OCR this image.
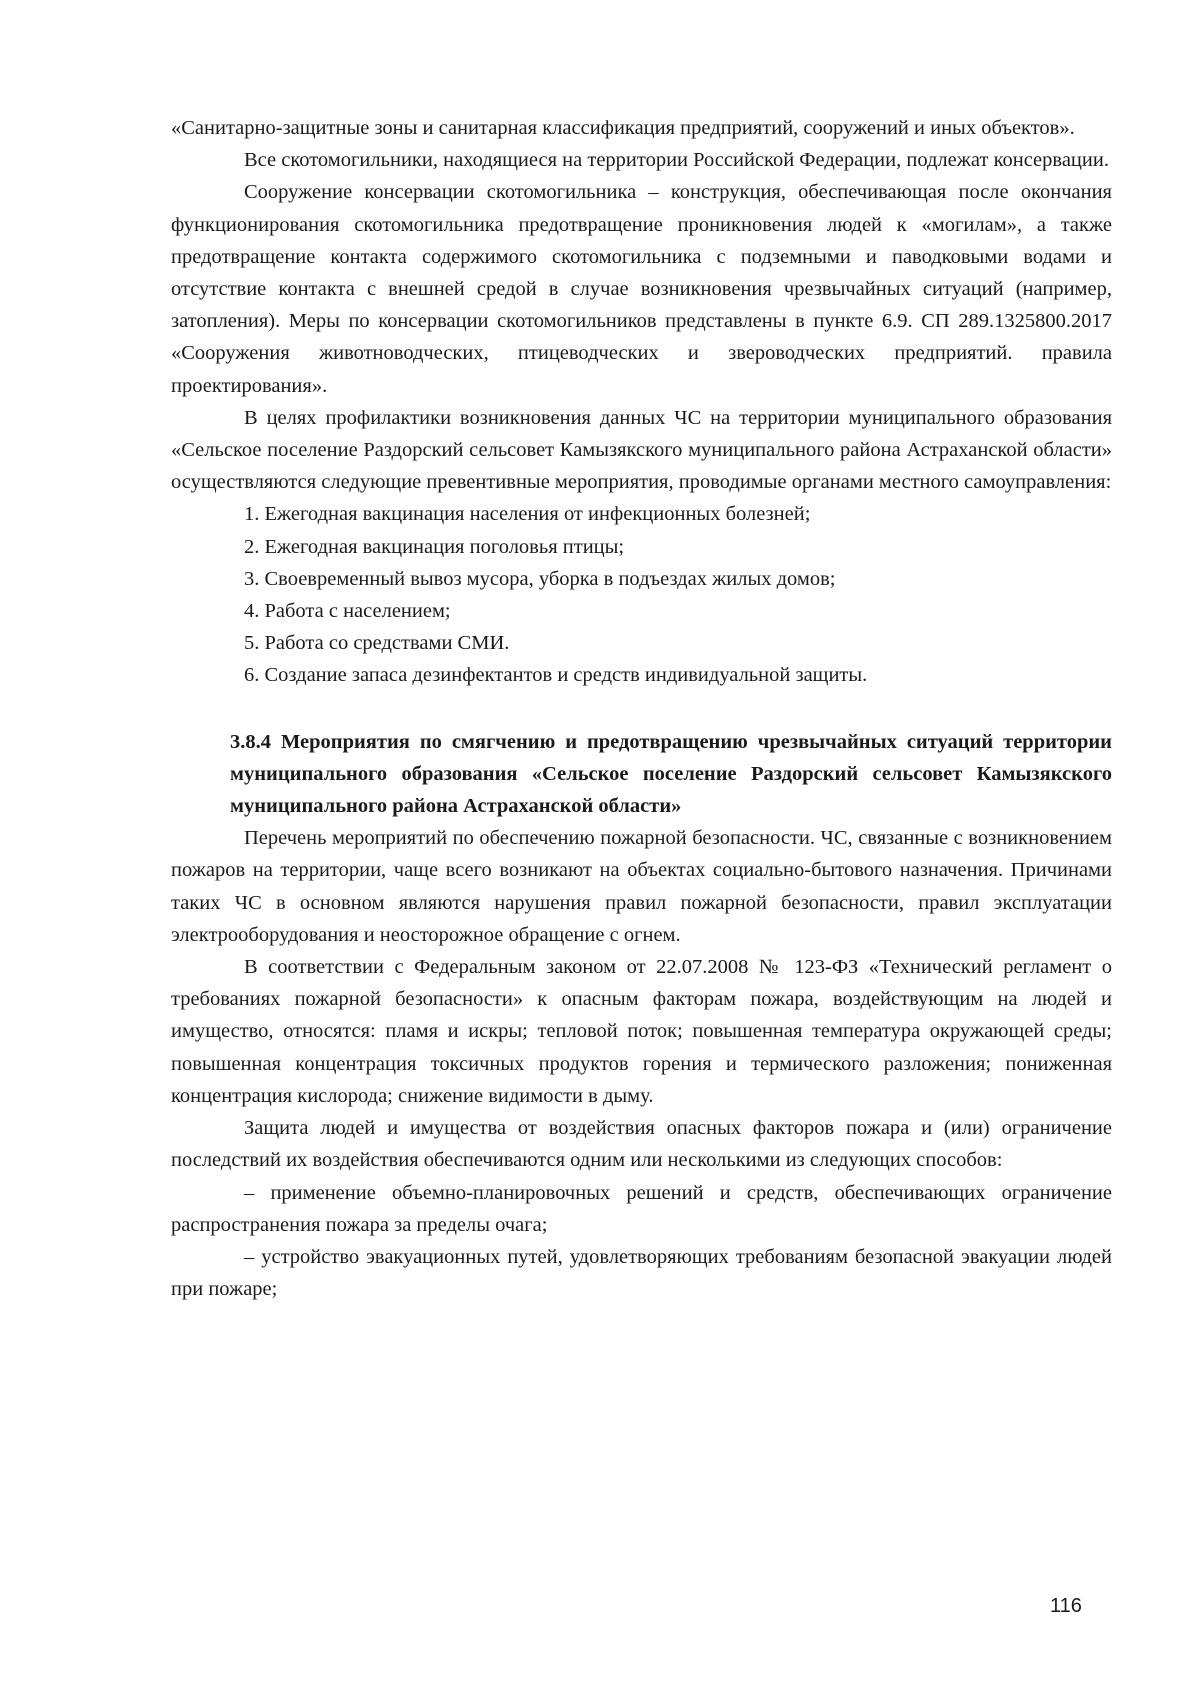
«Санитарно-защитные зоны и санитарная классификация предприятий, сооружений и иных объектов».

Все скотомогильники, находящиеся на территории Российской Федерации, подлежат консервации.

Сооружение консервации скотомогильника – конструкция, обеспечивающая после окончания функционирования скотомогильника предотвращение проникновения людей к «могилам», а также предотвращение контакта содержимого скотомогильника с подземными и паводковыми водами и отсутствие контакта с внешней средой в случае возникновения чрезвычайных ситуаций (например, затопления). Меры по консервации скотомогильников представлены в пункте 6.9. СП 289.1325800.2017 «Сооружения животноводческих, птицеводческих и звероводческих предприятий. правила проектирования».

В целях профилактики возникновения данных ЧС на территории муниципального образования «Сельское поселение Раздорский сельсовет Камызякского муниципального района Астраханской области» осуществляются следующие превентивные мероприятия, проводимые органами местного самоуправления:

1. Ежегодная вакцинация населения от инфекционных болезней;

2. Ежегодная вакцинация поголовья птицы;

3. Своевременный вывоз мусора, уборка в подъездах жилых домов;

4. Работа с населением;

5. Работа со средствами СМИ.

6. Создание запаса дезинфектантов и средств индивидуальной защиты.

3.8.4 Мероприятия по смягчению и предотвращению чрезвычайных ситуаций территории муниципального образования «Сельское поселение Раздорский сельсовет Камызякского муниципального района Астраханской области»

Перечень мероприятий по обеспечению пожарной безопасности. ЧС, связанные с возникновением пожаров на территории, чаще всего возникают на объектах социально-бытового назначения. Причинами таких ЧС в основном являются нарушения правил пожарной безопасности, правил эксплуатации электрооборудования и неосторожное обращение с огнем.

В соответствии с Федеральным законом от 22.07.2008 № 123-ФЗ «Технический регламент о требованиях пожарной безопасности» к опасным факторам пожара, воздействующим на людей и имущество, относятся: пламя и искры; тепловой поток; повышенная температура окружающей среды; повышенная концентрация токсичных продуктов горения и термического разложения; пониженная концентрация кислорода; снижение видимости в дыму.

Защита людей и имущества от воздействия опасных факторов пожара и (или) ограничение последствий их воздействия обеспечиваются одним или несколькими из следующих способов:

– применение объемно-планировочных решений и средств, обеспечивающих ограничение распространения пожара за пределы очага;

– устройство эвакуационных путей, удовлетворяющих требованиям безопасной эвакуации людей при пожаре;

116
